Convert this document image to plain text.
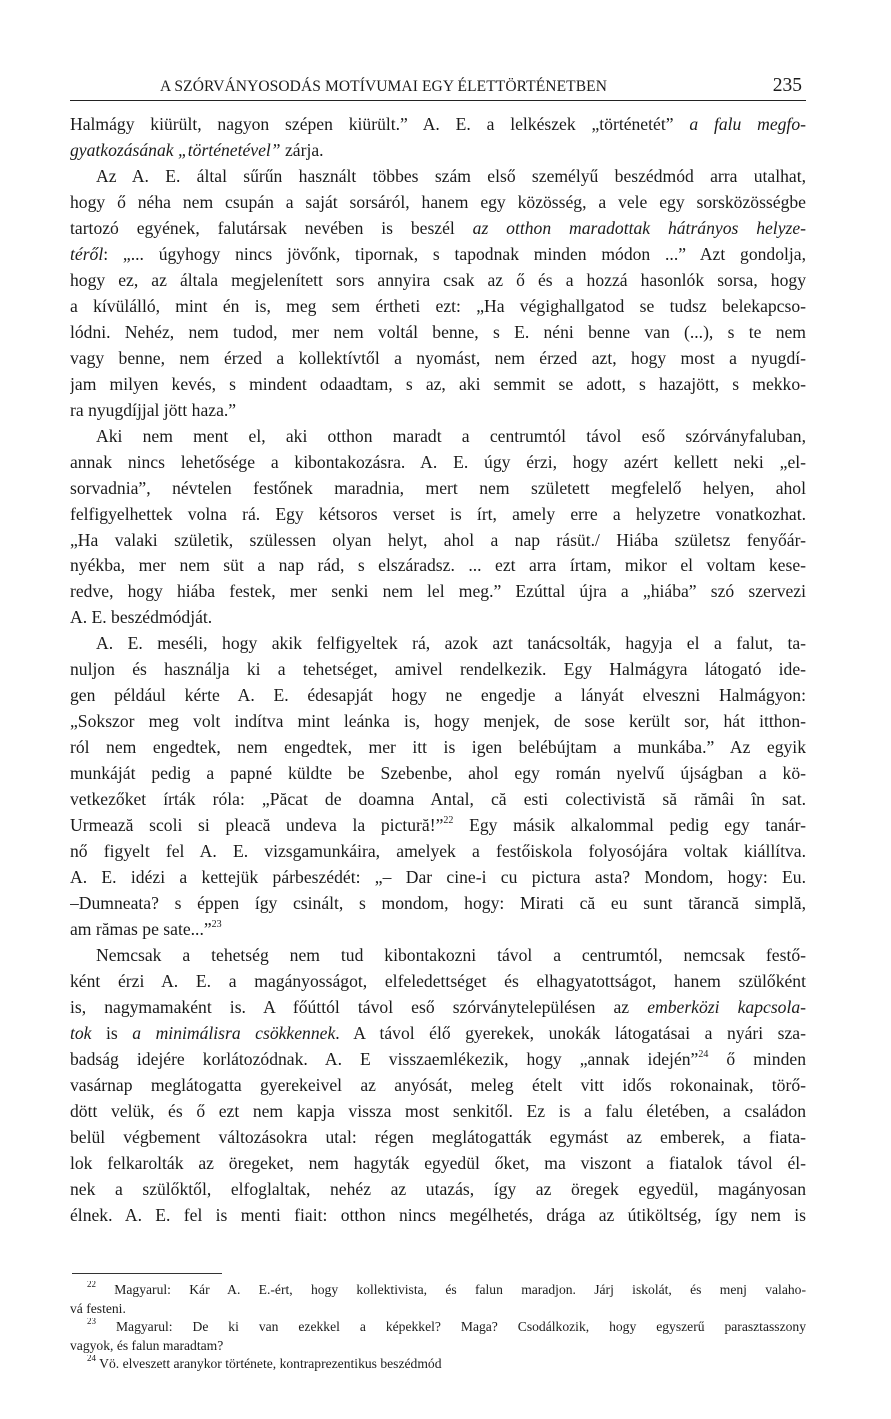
A SZÓRVÁNYOSODÁS MOTÍVUMAI EGY ÉLETTÖRTÉNETBEN	235
Halmágy kiürült, nagyon szépen kiürült.” A. E. a lelkészek „történetét” a falu megfo-
gyatkozásának „történetével” zárja.
Az A. E. által sűrűn használt többes szám első személyű beszédmód arra utalhat,
hogy ő néha nem csupán a saját sorsáról, hanem egy közösség, a vele egy sorsközösségbe
tartozó egyének, falutársak nevében is beszél az otthon maradottak hátrányos helyze-
téről: „... úgyhogy nincs jövőnk, tipornak, s tapodnak minden módon ...” Azt gondolja,
hogy ez, az általa megjelenített sors annyira csak az ő és a hozzá hasonlók sorsa, hogy
a kívülálló, mint én is, meg sem értheti ezt: „Ha végighallgatod se tudsz belekapcso-
lódni. Nehéz, nem tudod, mer nem voltál benne, s E. néni benne van (...), s te nem
vagy benne, nem érzed a kollektívtől a nyomást, nem érzed azt, hogy most a nyugdí-
jam milyen kevés, s mindent odaadtam, s az, aki semmit se adott, s hazajött, s mekko-
ra nyugdíjjal jött haza.”
Aki nem ment el, aki otthon maradt a centrumtól távol eső szórványfaluban,
annak nincs lehetősége a kibontakozásra. A. E. úgy érzi, hogy azért kellett neki „el-
sorvadnia”, névtelen festőnek maradnia, mert nem született megfelelő helyen, ahol
felfigyelhettek volna rá. Egy kétsoros verset is írt, amely erre a helyzetre vonatkozhat.
„Ha valaki születik, szülessen olyan helyt, ahol a nap rásüt./ Hiába születsz fenyőár-
nyékba, mer nem süt a nap rád, s elszáradsz. ... ezt arra írtam, mikor el voltam kese-
redve, hogy hiába festek, mer senki nem lel meg.” Ezúttal újra a „hiába” szó szervezi
A. E. beszédmódját.
A. E. meséli, hogy akik felfigyeltek rá, azok azt tanácsolták, hagyja el a falut, ta-
nuljon és használja ki a tehetséget, amivel rendelkezik. Egy Halmágyra látogató ide-
gen például kérte A. E. édesapját hogy ne engedje a lányát elveszni Halmágyon:
„Sokszor meg volt indítva mint leánka is, hogy menjek, de sose került sor, hát itthon-
ról nem engedtek, nem engedtek, mer itt is igen belébújtam a munkába.” Az egyik
munkáját pedig a papné küldte be Szebenbe, ahol egy román nyelvű újságban a kö-
vetkezőket írták róla: „Păcat de doamna Antal, că esti colectivistă să rămâi în sat.
Urmează scoli si pleacă undeva la pictură!”$^{22}$ Egy másik alkalommal pedig egy tanár-
nő figyelt fel A. E. vizsgamunkáira, amelyek a festőiskola folyosójára voltak kiállítva.
A. E. idézi a kettejük párbeszédét: „– Dar cine-i cu pictura asta? Mondom, hogy: Eu.
–Dumneata? s éppen így csinált, s mondom, hogy: Mirati că eu sunt tărancă simplă,
am rămas pe sate...”$^{23}$
Nemcsak a tehetség nem tud kibontakozni távol a centrumtól, nemcsak festő-
ként érzi A. E. a magányosságot, elfeledettséget és elhagyatottságot, hanem szülőként
is, nagymamaként is. A főúttól távol eső szórványtelepülésen az emberközi kapcsola-
tok is a minimálisra csökkennek. A távol élő gyerekek, unokák látogatásai a nyári sza-
badság idejére korlátozódnak. A. E visszaemlékezik, hogy „annak idején”$^{24}$ ő minden
vasárnap meglátogatta gyerekeivel az anyósát, meleg ételt vitt idős rokonainak, törő-
dött velük, és ő ezt nem kapja vissza most senkitől. Ez is a falu életében, a családon
belül végbement változásokra utal: régen meglátogatták egymást az emberek, a fiata-
lok felkarolták az öregeket, nem hagyták egyedül őket, ma viszont a fiatalok távol él-
nek a szülőktől, elfoglaltak, nehéz az utazás, így az öregek egyedül, magányosan
élnek. A. E. fel is menti fiait: otthon nincs megélhetés, drága az útiköltség, így nem is
$^{22}$ Magyarul: Kár A. E.-ért, hogy kollektivista, és falun maradjon. Járj iskolát, és menj valaho-
vá festeni.
$^{23}$ Magyarul: De ki van ezekkel a képekkel? Maga? Csodálkozik, hogy egyszerű parasztasszony
vagyok, és falun maradtam?
$^{24}$ Vö. elveszett aranykor története, kontraprezentikus beszédmód
